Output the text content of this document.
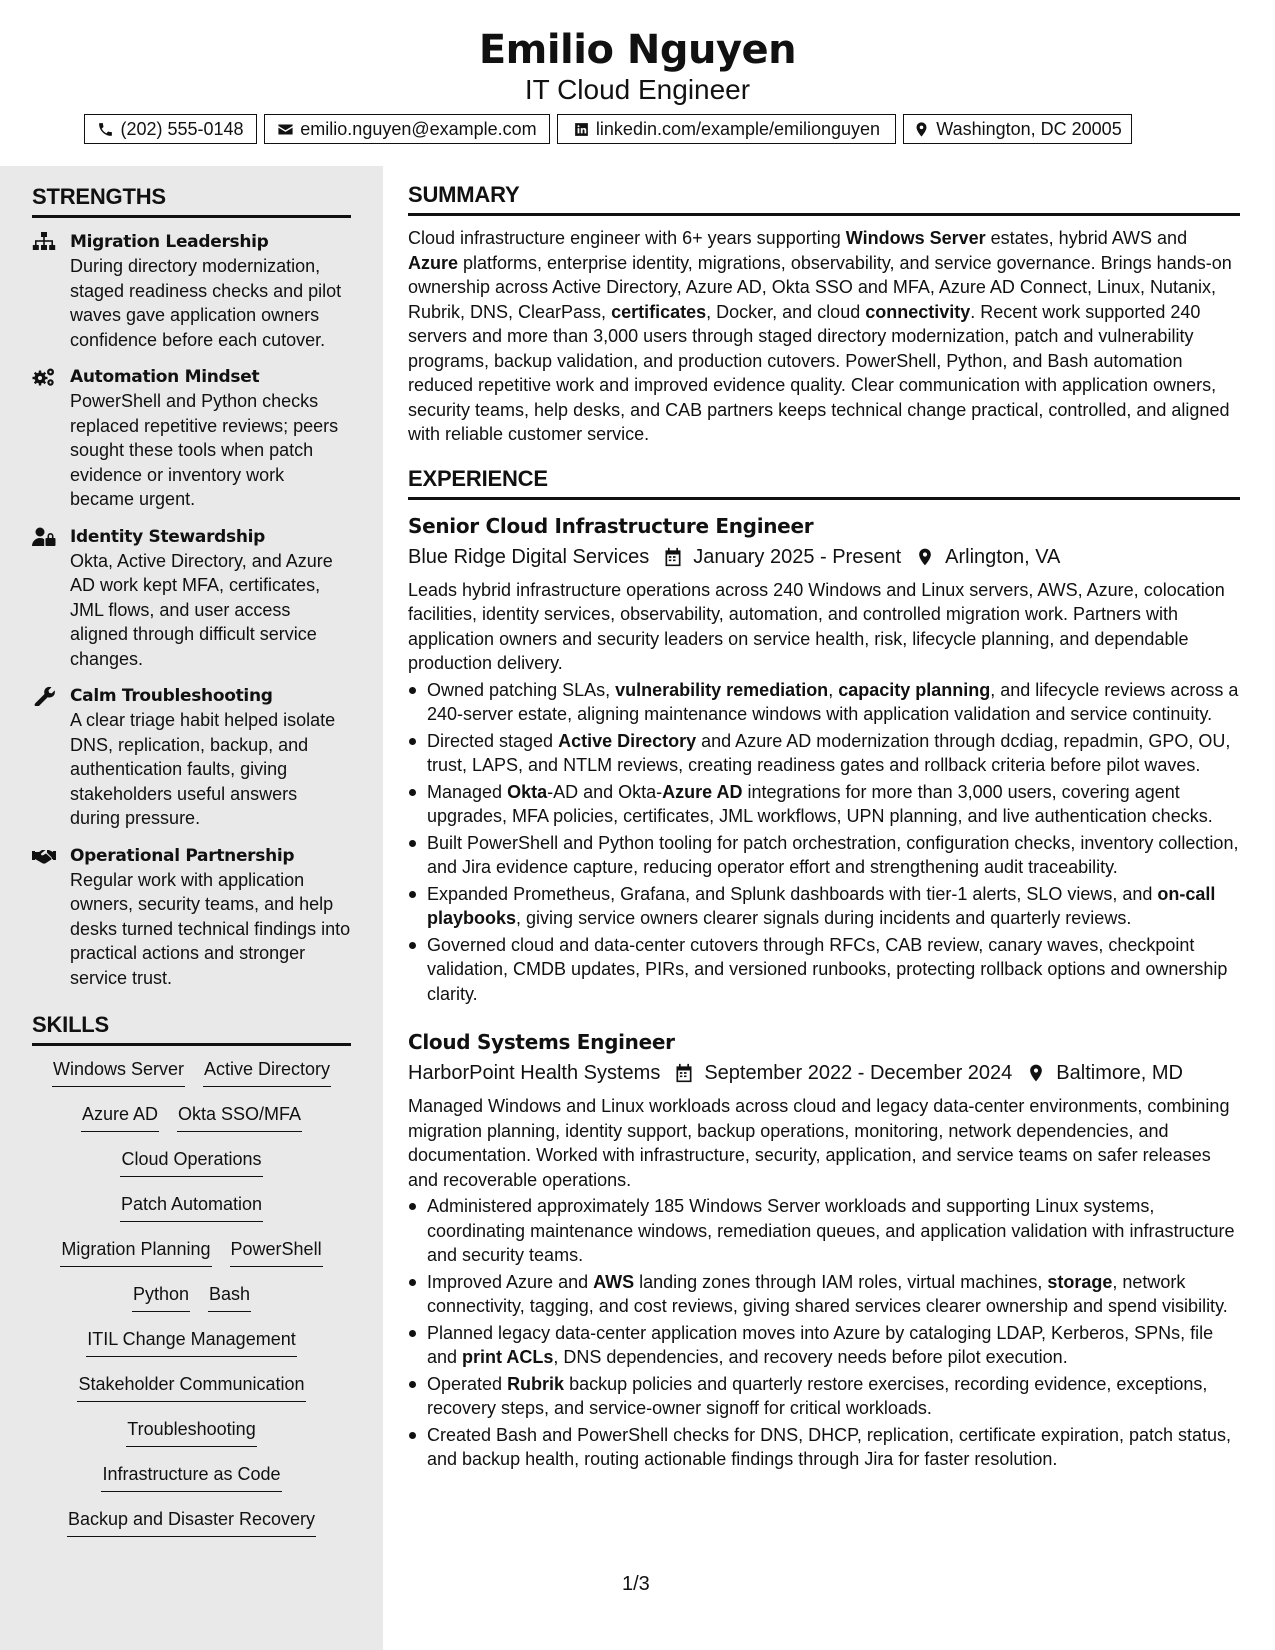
Emilio Nguyen
IT Cloud Engineer
(202) 555-0148	emilio.nguyen@example.com	linkedin.com/example/emilionguyen	Washington, DC 20005
STRENGTHS
Migration Leadership
During directory modernization, staged readiness checks and pilot waves gave application owners confidence before each cutover.
Automation Mindset
PowerShell and Python checks replaced repetitive reviews; peers sought these tools when patch evidence or inventory work became urgent.
Identity Stewardship
Okta, Active Directory, and Azure AD work kept MFA, certificates, JML flows, and user access aligned through difficult service changes.
Calm Troubleshooting
A clear triage habit helped isolate DNS, replication, backup, and authentication faults, giving stakeholders useful answers during pressure.
Operational Partnership
Regular work with application owners, security teams, and help desks turned technical findings into practical actions and stronger service trust.
SKILLS
Windows Server Active Directory
Azure AD Okta SSO/MFA
Cloud Operations
Patch Automation
Migration Planning PowerShell
Python Bash
ITIL Change Management
Stakeholder Communication
Troubleshooting
Infrastructure as Code
Backup and Disaster Recovery
SUMMARY

Cloud infrastructure engineer with 6+ years supporting Windows Server estates, hybrid AWS and Azure platforms, enterprise identity, migrations, observability, and service governance. Brings hands-on ownership across Active Directory, Azure AD, Okta SSO and MFA, Azure AD Connect, Linux, Nutanix, Rubrik, DNS, ClearPass, certificates, Docker, and cloud connectivity. Recent work supported 240 servers and more than 3,000 users through staged directory modernization, patch and vulnerability programs, backup validation, and production cutovers. PowerShell, Python, and Bash automation reduced repetitive work and improved evidence quality. Clear communication with application owners, security teams, help desks, and CAB partners keeps technical change practical, controlled, and aligned with reliable customer service.

EXPERIENCE
Senior Cloud Infrastructure Engineer
Blue Ridge Digital Services January 2025 - Present Arlington, VA

Leads hybrid infrastructure operations across 240 Windows and Linux servers, AWS, Azure, colocation facilities, identity services, observability, automation, and controlled migration work. Partners with application owners and security leaders on service health, risk, lifecycle planning, and dependable production delivery.

Owned patching SLAs, vulnerability remediation, capacity planning, and lifecycle reviews across a 240-server estate, aligning maintenance windows with application validation and service continuity.
Directed staged Active Directory and Azure AD modernization through dcdiag, repadmin, GPO, OU, trust, LAPS, and NTLM reviews, creating readiness gates and rollback criteria before pilot waves.
Managed Okta-AD and Okta-Azure AD integrations for more than 3,000 users, covering agent upgrades, MFA policies, certificates, JML workflows, UPN planning, and live authentication checks.
Built PowerShell and Python tooling for patch orchestration, configuration checks, inventory collection, and Jira evidence capture, reducing operator effort and strengthening audit traceability.
Expanded Prometheus, Grafana, and Splunk dashboards with tier-1 alerts, SLO views, and on-call playbooks, giving service owners clearer signals during incidents and quarterly reviews.
Governed cloud and data-center cutovers through RFCs, CAB review, canary waves, checkpoint validation, CMDB updates, PIRs, and versioned runbooks, protecting rollback options and ownership clarity.
Cloud Systems Engineer
HarborPoint Health Systems September 2022 - December 2024 Baltimore, MD

Managed Windows and Linux workloads across cloud and legacy data-center environments, combining migration planning, identity support, backup operations, monitoring, network dependencies, and documentation. Worked with infrastructure, security, application, and service teams on safer releases and recoverable operations.

Administered approximately 185 Windows Server workloads and supporting Linux systems, coordinating maintenance windows, remediation queues, and application validation with infrastructure and security teams.
Improved Azure and AWS landing zones through IAM roles, virtual machines, storage, network connectivity, tagging, and cost reviews, giving shared services clearer ownership and spend visibility.
Planned legacy data-center application moves into Azure by cataloging LDAP, Kerberos, SPNs, file and print ACLs, DNS dependencies, and recovery needs before pilot execution.
Operated Rubrik backup policies and quarterly restore exercises, recording evidence, exceptions, recovery steps, and service-owner signoff for critical workloads.
Created Bash and PowerShell checks for DNS, DHCP, replication, certificate expiration, patch status, and backup health, routing actionable findings through Jira for faster resolution.
1/3
